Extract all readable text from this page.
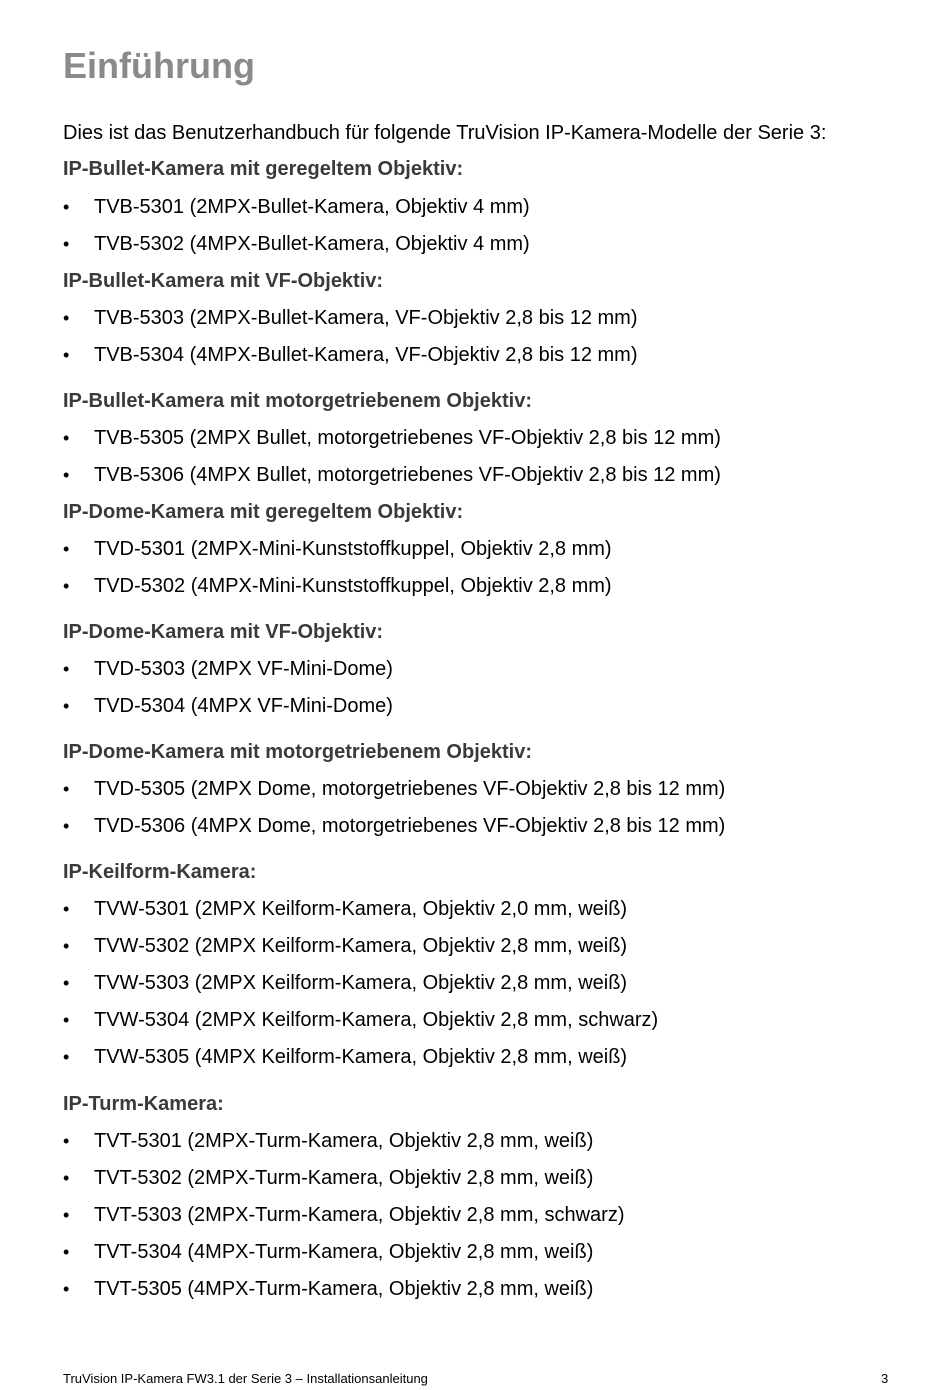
Einführung

Dies ist das Benutzerhandbuch für folgende TruVision IP-Kamera-Modelle der Serie 3:

IP-Bullet-Kamera mit geregeltem Objektiv:

• TVB-5301 (2MPX-Bullet-Kamera, Objektiv 4 mm)

• TVB-5302 (4MPX-Bullet-Kamera, Objektiv 4 mm)

IP-Bullet-Kamera mit VF-Objektiv:

• TVB-5303 (2MPX-Bullet-Kamera, VF-Objektiv 2,8 bis 12 mm)

• TVB-5304 (4MPX-Bullet-Kamera, VF-Objektiv 2,8 bis 12 mm)

IP-Bullet-Kamera mit motorgetriebenem Objektiv:

• TVB-5305 (2MPX Bullet, motorgetriebenes VF-Objektiv 2,8 bis 12 mm)

• TVB-5306 (4MPX Bullet, motorgetriebenes VF-Objektiv 2,8 bis 12 mm)

IP-Dome-Kamera mit geregeltem Objektiv:

• TVD-5301 (2MPX-Mini-Kunststoffkuppel, Objektiv 2,8 mm)

• TVD-5302 (4MPX-Mini-Kunststoffkuppel, Objektiv 2,8 mm)

IP-Dome-Kamera mit VF-Objektiv:

• TVD-5303 (2MPX VF-Mini-Dome)

• TVD-5304 (4MPX VF-Mini-Dome)

IP-Dome-Kamera mit motorgetriebenem Objektiv:

• TVD-5305 (2MPX Dome, motorgetriebenes VF-Objektiv 2,8 bis 12 mm)

• TVD-5306 (4MPX Dome, motorgetriebenes VF-Objektiv 2,8 bis 12 mm)

IP-Keilform-Kamera:

• TVW-5301 (2MPX Keilform-Kamera, Objektiv 2,0 mm, weiß)

• TVW-5302 (2MPX Keilform-Kamera, Objektiv 2,8 mm, weiß)

• TVW-5303 (2MPX Keilform-Kamera, Objektiv 2,8 mm, weiß)

• TVW-5304 (2MPX Keilform-Kamera, Objektiv 2,8 mm, schwarz)

• TVW-5305 (4MPX Keilform-Kamera, Objektiv 2,8 mm, weiß)

IP-Turm-Kamera:

• TVT-5301 (2MPX-Turm-Kamera, Objektiv 2,8 mm, weiß)

• TVT-5302 (2MPX-Turm-Kamera, Objektiv 2,8 mm, weiß)

• TVT-5303 (2MPX-Turm-Kamera, Objektiv 2,8 mm, schwarz)

• TVT-5304 (4MPX-Turm-Kamera, Objektiv 2,8 mm, weiß)

• TVT-5305 (4MPX-Turm-Kamera, Objektiv 2,8 mm, weiß)

TruVision IP-Kamera FW3.1 der Serie 3 – Installationsanleitung	3
